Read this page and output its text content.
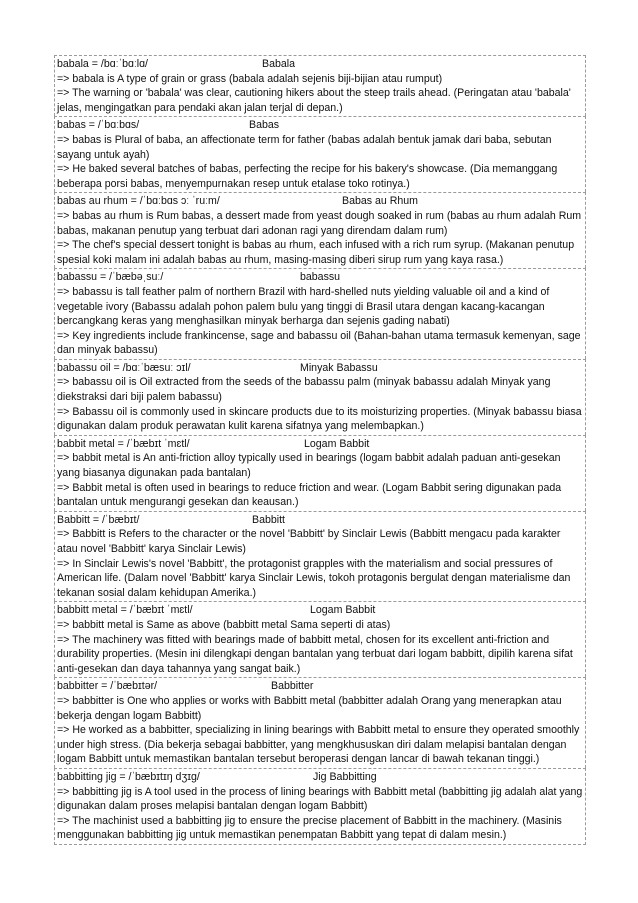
babala = /bɑːˈbɑːlɑ/	Babala
=> babala is A type of grain or grass (babala adalah sejenis biji-bijian atau rumput)
=> The warning or 'babala' was clear, cautioning hikers about the steep trails ahead. (Peringatan atau 'babala' jelas, mengingatkan para pendaki akan jalan terjal di depan.)
babas = /ˈbɑːbɑs/	Babas
=> babas is Plural of baba, an affectionate term for father (babas adalah bentuk jamak dari baba, sebutan sayang untuk ayah)
=> He baked several batches of babas, perfecting the recipe for his bakery's showcase. (Dia memanggang beberapa porsi babas, menyempurnakan resep untuk etalase toko rotinya.)
babas au rhum = /ˈbɑːbɑs ɔː ˈruːm/	Babas au Rhum
=> babas au rhum is Rum babas, a dessert made from yeast dough soaked in rum (babas au rhum adalah Rum babas, makanan penutup yang terbuat dari adonan ragi yang direndam dalam rum)
=> The chef's special dessert tonight is babas au rhum, each infused with a rich rum syrup. (Makanan penutup spesial koki malam ini adalah babas au rhum, masing-masing diberi sirup rum yang kaya rasa.)
babassu = /ˈbæbəˌsuː/	babassu
=> babassu is tall feather palm of northern Brazil with hard-shelled nuts yielding valuable oil and a kind of vegetable ivory (Babassu adalah pohon palem bulu yang tinggi di Brasil utara dengan kacang-kacangan bercangkang keras yang menghasilkan minyak berharga dan sejenis gading nabati)
=> Key ingredients include frankincense, sage and babassu oil (Bahan-bahan utama termasuk kemenyan, sage dan minyak babassu)
babassu oil = /bɑːˈbæsuː ɔɪl/	Minyak Babassu
=> babassu oil is Oil extracted from the seeds of the babassu palm (minyak babassu adalah Minyak yang diekstraksi dari biji palem babassu)
=> Babassu oil is commonly used in skincare products due to its moisturizing properties. (Minyak babassu biasa digunakan dalam produk perawatan kulit karena sifatnya yang melembapkan.)
babbit metal = /ˈbæbɪt ˈmɛtl/	Logam Babbit
=> babbit metal is An anti-friction alloy typically used in bearings (logam babbit adalah paduan anti-gesekan yang biasanya digunakan pada bantalan)
=> Babbit metal is often used in bearings to reduce friction and wear. (Logam Babbit sering digunakan pada bantalan untuk mengurangi gesekan dan keausan.)
Babbitt = /ˈbæbɪt/	Babbitt
=> Babbitt is Refers to the character or the novel 'Babbitt' by Sinclair Lewis (Babbitt mengacu pada karakter atau novel 'Babbitt' karya Sinclair Lewis)
=> In Sinclair Lewis's novel 'Babbitt', the protagonist grapples with the materialism and social pressures of American life. (Dalam novel 'Babbitt' karya Sinclair Lewis, tokoh protagonis bergulat dengan materialisme dan tekanan sosial dalam kehidupan Amerika.)
babbitt metal = /ˈbæbɪt ˈmɛtl/	Logam Babbit
=> babbitt metal is Same as above (babbitt metal Sama seperti di atas)
=> The machinery was fitted with bearings made of babbitt metal, chosen for its excellent anti-friction and durability properties. (Mesin ini dilengkapi dengan bantalan yang terbuat dari logam babbitt, dipilih karena sifat anti-gesekan dan daya tahannya yang sangat baik.)
babbitter = /ˈbæbɪtər/	Babbitter
=> babbitter is One who applies or works with Babbitt metal (babbitter adalah Orang yang menerapkan atau bekerja dengan logam Babbitt)
=> He worked as a babbitter, specializing in lining bearings with Babbitt metal to ensure they operated smoothly under high stress. (Dia bekerja sebagai babbitter, yang mengkhususkan diri dalam melapisi bantalan dengan logam Babbitt untuk memastikan bantalan tersebut beroperasi dengan lancar di bawah tekanan tinggi.)
babbitting jig = /ˈbæbɪtɪŋ dʒɪɡ/	Jig Babbitting
=> babbitting jig is A tool used in the process of lining bearings with Babbitt metal (babbitting jig adalah alat yang digunakan dalam proses melapisi bantalan dengan logam Babbitt)
=> The machinist used a babbitting jig to ensure the precise placement of Babbitt in the machinery. (Masinis menggunakan babbitting jig untuk memastikan penempatan Babbitt yang tepat di dalam mesin.)
